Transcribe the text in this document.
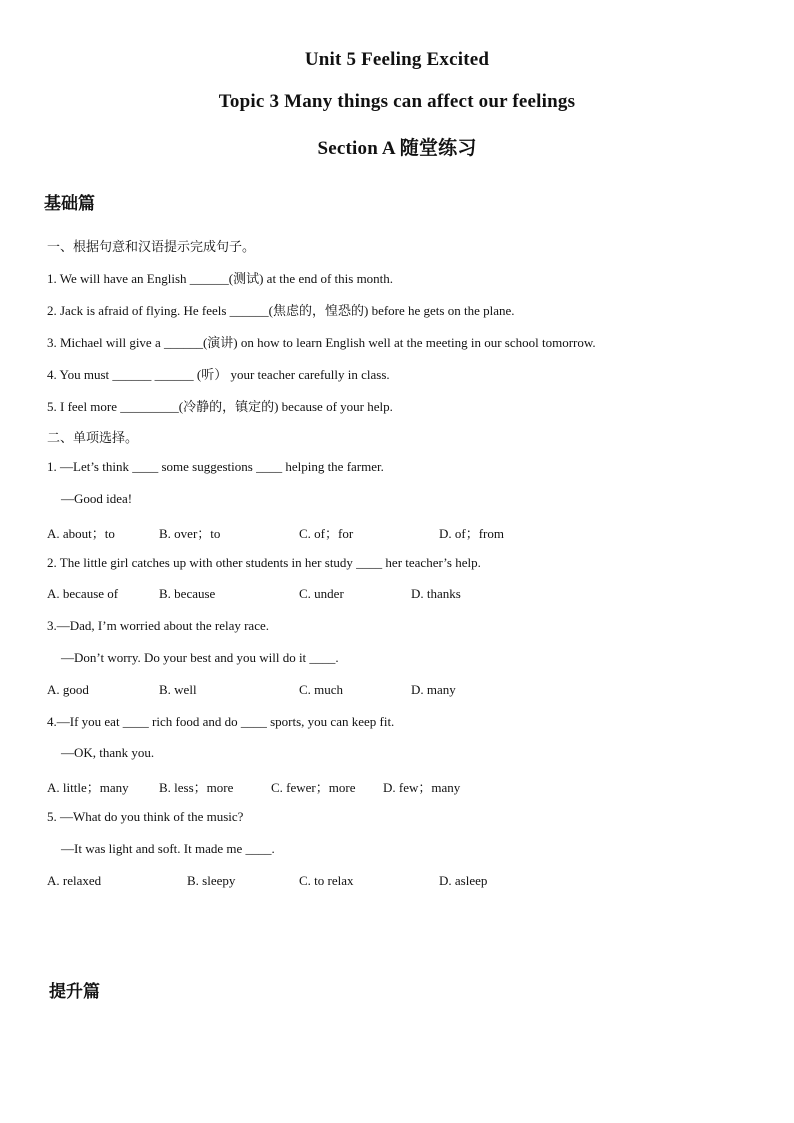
Unit 5 Feeling Excited
Topic 3 Many things can affect our feelings
Section A 随堂练习
基础篇
一、根据句意和汉语提示完成句子。
1. We will have an English ______(测试) at the end of this month.
2. Jack is afraid of flying. He feels ______(焦虑的，惶恐的) before he gets on the plane.
3. Michael will give a ______(演讲) on how to learn English well at the meeting in our school tomorrow.
4. You must ______ ______ (听） your teacher carefully in class.
5. I feel more _________(冷静的，镇定的) because of your help.
二、单项选择。
1. —Let’s think ____ some suggestions ____ helping the farmer.
—Good idea!
A. about；to	B. over；to	C. of；for	D. of；from
2. The little girl catches up with other students in her study ____ her teacher’s help.
A. because of	B. because	C. under	D. thanks
3.—Dad, I’m worried about the relay race.
—Don’t worry. Do your best and you will do it ____.
A. good	B. well	C. much	D. many
4.—If you eat ____ rich food and do ____ sports, you can keep fit.
—OK, thank you.
A. little；many B. less；more	C. fewer；more D. few；many
5. —What do you think of the music?
—It was light and soft. It made me ____.
A. relaxed	B. sleepy	C. to relax	D. asleep
提升篇
